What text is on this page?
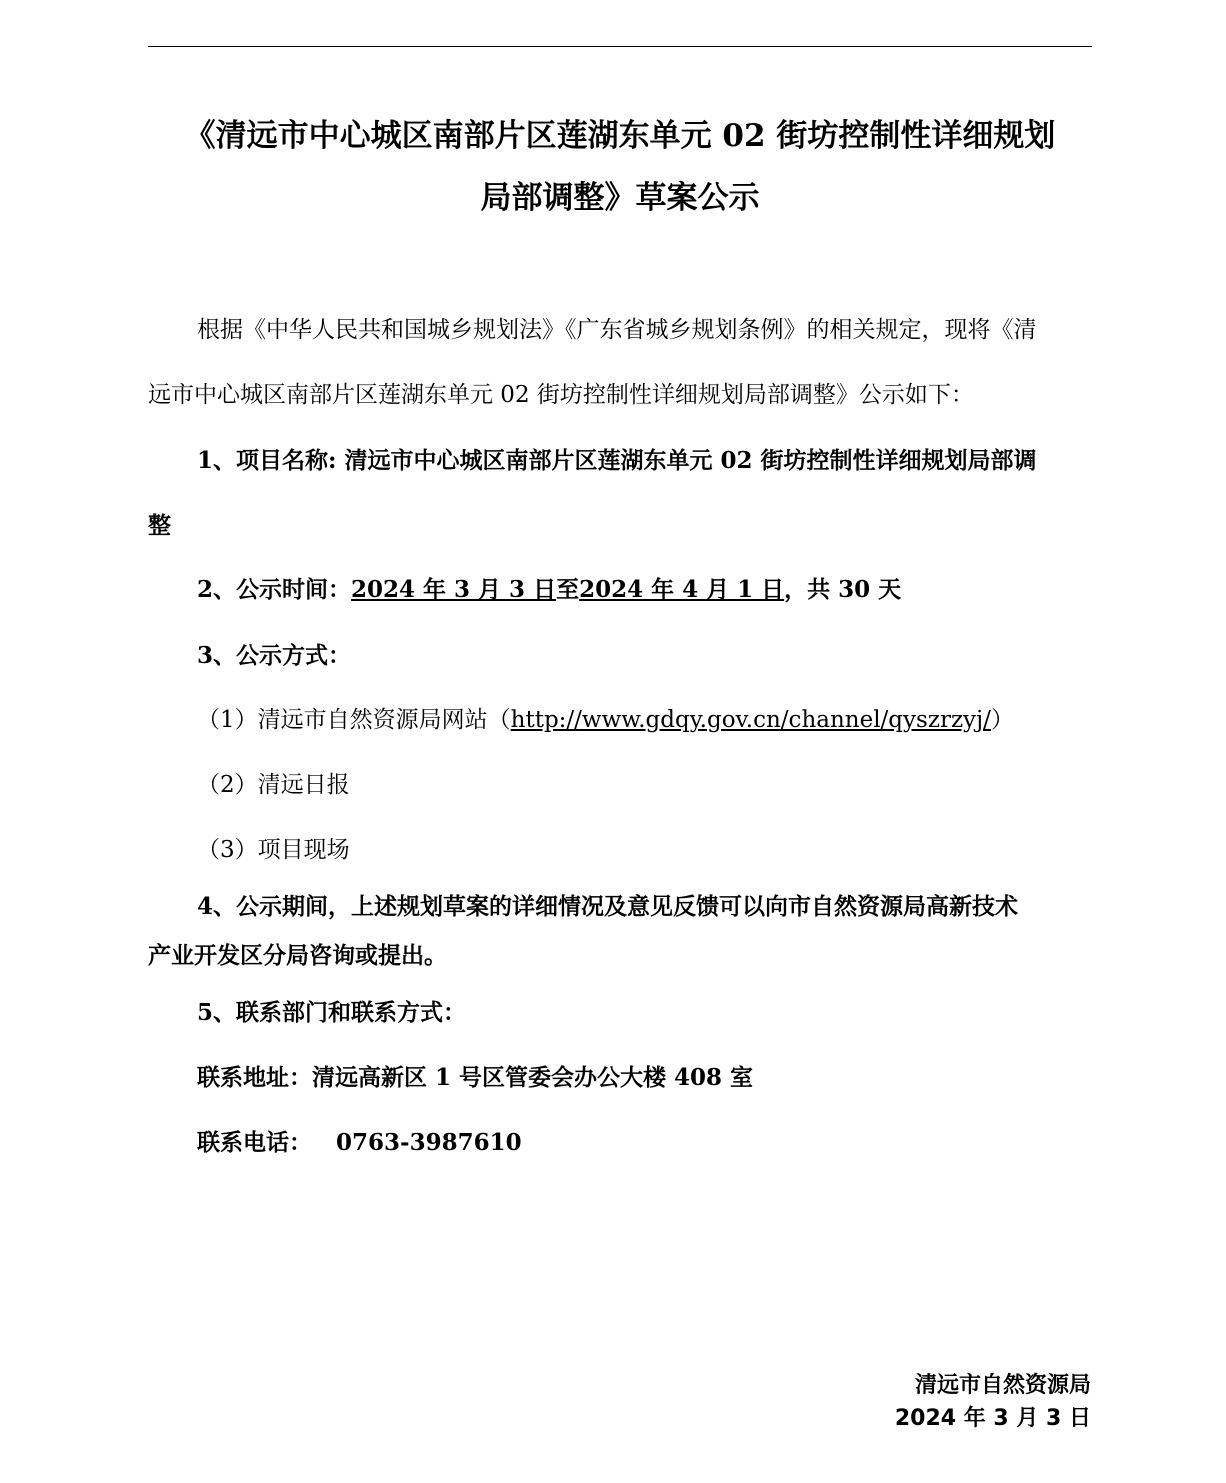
《清远市中心城区南部片区莲湖东单元 02 街坊控制性详细规划
局部调整》草案公示
根据《中华人民共和国城乡规划法》《广东省城乡规划条例》的相关规定，现将《清
远市中心城区南部片区莲湖东单元 02 街坊控制性详细规划局部调整》公示如下：
1、项目名称: 清远市中心城区南部片区莲湖东单元 02 街坊控制性详细规划局部调
整
2、公示时间：2024 年 3 月 3 日至2024 年 4 月 1 日，共 30 天
3、公示方式：
（1）清远市自然资源局网站（http://www.gdqy.gov.cn/channel/qyszrzyj/）
（2）清远日报
（3）项目现场
4、公示期间，上述规划草案的详细情况及意见反馈可以向市自然资源局高新技术
产业开发区分局咨询或提出。
5、联系部门和联系方式：
联系地址：清远高新区 1 号区管委会办公大楼 408 室
联系电话： 0763-3987610
清远市自然资源局
2024 年 3 月 3 日
